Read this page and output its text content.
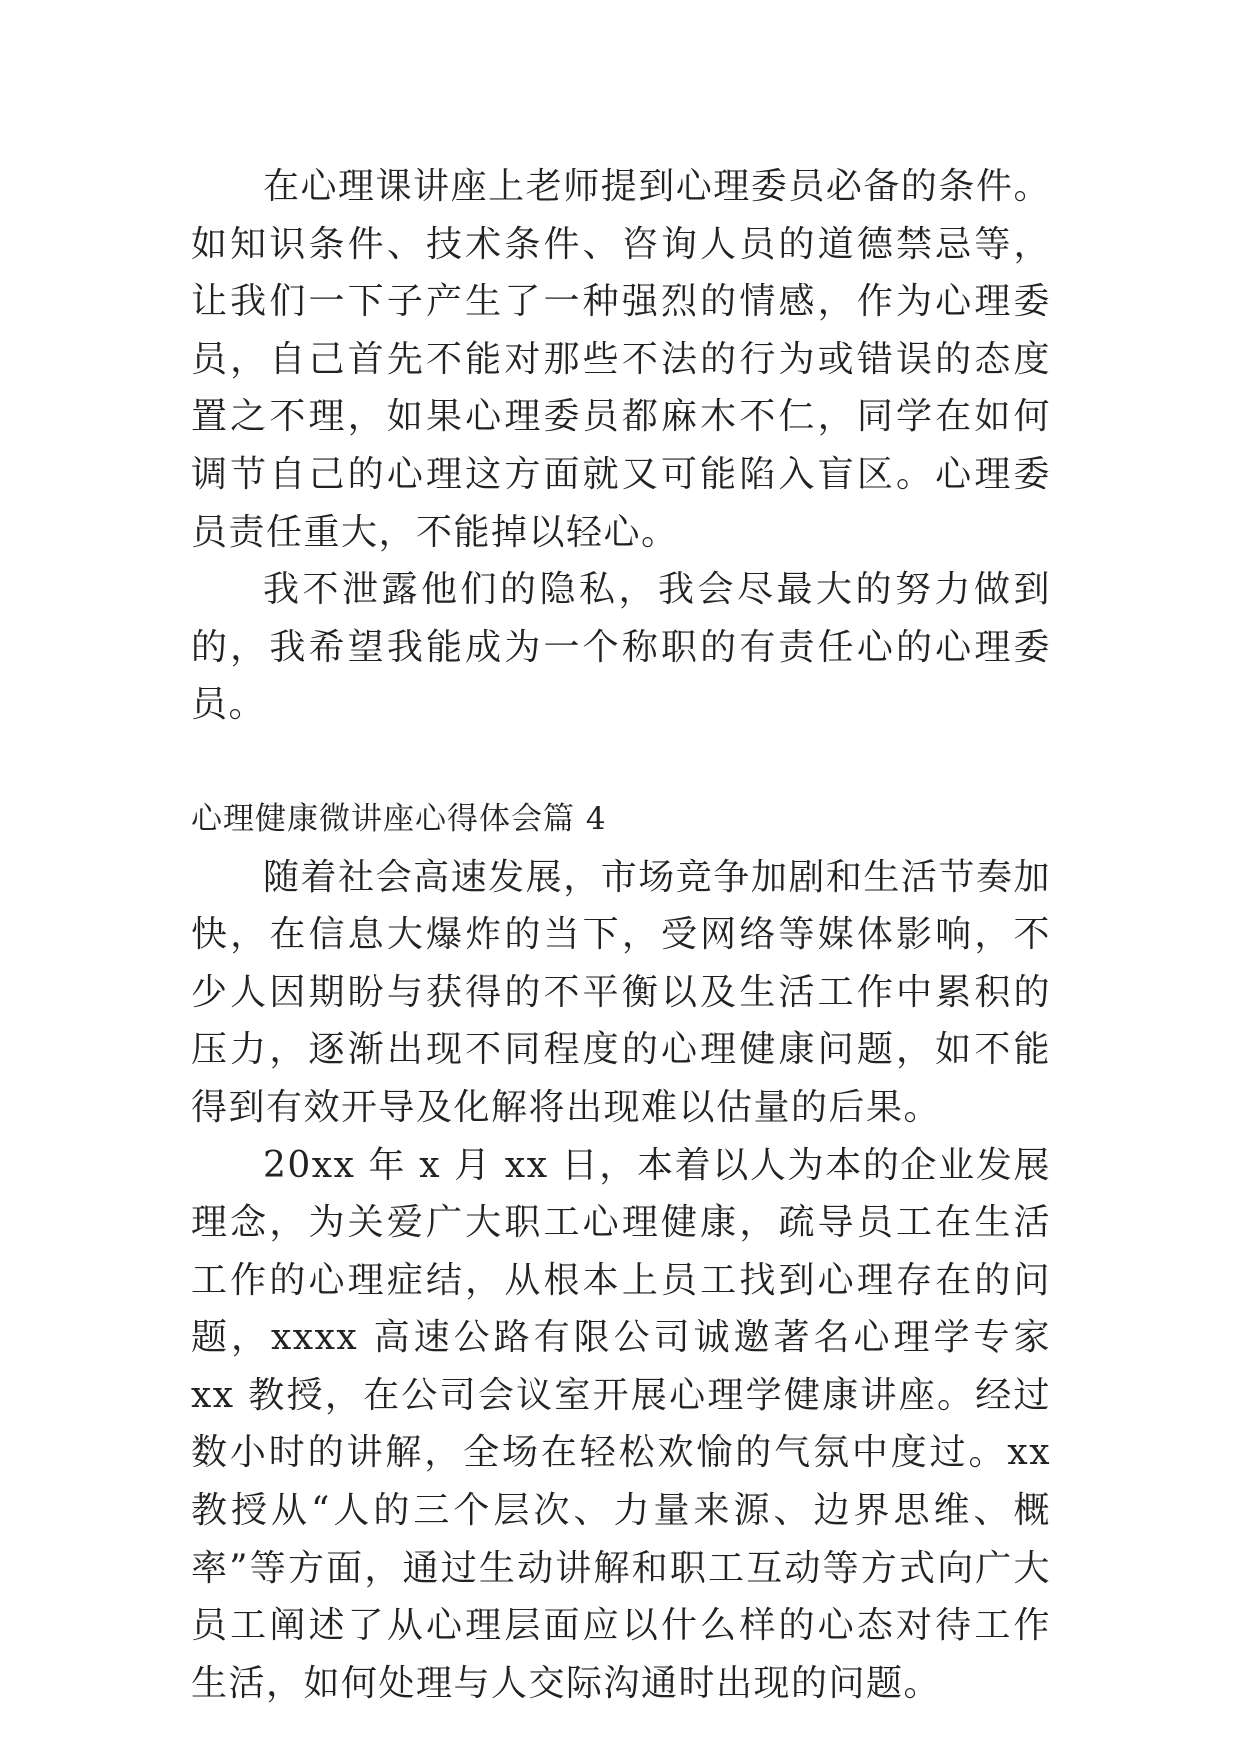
在心理课讲座上老师提到心理委员必备的条件。如知识条件、技术条件、咨询人员的道德禁忌等，让我们一下子产生了一种强烈的情感，作为心理委员，自己首先不能对那些不法的行为或错误的态度置之不理，如果心理委员都麻木不仁，同学在如何调节自己的心理这方面就又可能陷入盲区。心理委员责任重大，不能掉以轻心。

我不泄露他们的隐私，我会尽最大的努力做到的，我希望我能成为一个称职的有责任心的心理委员。

心理健康微讲座心得体会篇 4

随着社会高速发展，市场竞争加剧和生活节奏加快，在信息大爆炸的当下，受网络等媒体影响，不少人因期盼与获得的不平衡以及生活工作中累积的压力，逐渐出现不同程度的心理健康问题，如不能得到有效开导及化解将出现难以估量的后果。

20xx 年 x 月 xx 日，本着以人为本的企业发展理念，为关爱广大职工心理健康，疏导员工在生活工作的心理症结，从根本上员工找到心理存在的问题，xxxx 高速公路有限公司诚邀著名心理学专家 xx 教授，在公司会议室开展心理学健康讲座。经过数小时的讲解，全场在轻松欢愉的气氛中度过。xx 教授从“人的三个层次、力量来源、边界思维、概率”等方面，通过生动讲解和职工互动等方式向广大员工阐述了从心理层面应以什么样的心态对待工作生活，如何处理与人交际沟通时出现的问题。
